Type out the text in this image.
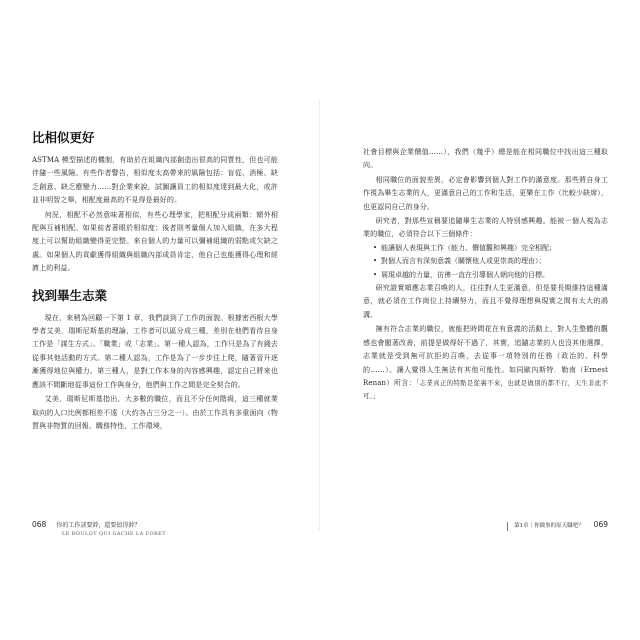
比相似更好

ASTMA 模型描述的機制，有助於在組織內部創造出很高的同質性，但也可能伴隨一些風險。有些作者警告，相似度太高帶來的風險包括：盲從、消極、缺乏創意、缺乏應變力……對企業來說，試圖讓員工的相似度達到最大化，或許並非明智之舉，相配度最高的不見得是最好的。

何況，相配不必然意味著相似，有些心理學家，把相配分成兩類：額外相配與互補相配。如果前者著眼於相似度；後者則考量個人加入組織，在多大程度上可以幫助組織變得更完整。來自個人的力量可以彌補組織的弱點或欠缺之處。如果個人的貢獻獲得組織與組織內部成員肯定，他自己也能獲得心理和經濟上的利益。

找到畢生志業

現在，來稍為回顧一下第 1 章，我們談到了工作的面貌。根據密西根大學學者艾美．瑞斯尼斯基的理論，工作者可以區分成三種，差別在他們看待自身工作是「謀生方式」、「職業」或「志業」。第一種人認為，工作只是為了有錢去從事其他活動的方式。第二種人認為，工作是為了一步步往上爬，隨著晉升逐漸獲得地位與權力。第三種人，是對工作本身的內容感興趣，認定自己將來也應該不間斷地從事這份工作與身分，他們與工作之間是完全契合的。

艾美．瑞斯尼斯基指出，大多數的職位，而且不分任何階級，這三種就業取向的人口比例都相差不遠（大約各占三分之一）。由於工作具有多重面向（物質與非物質的回報、職務特性、工作環境，

068 你的工作該要幹，還要值得幹？
LE BOULOT QUI GACHE LA FORET

社會目標與企業價值……），我們（幾乎）總是能在相同職位中找出這三種取向。

相同職位的面貌差異，必定會影響到個人對工作的滿意度。那些將自身工作視為畢生志業的人，更滿意自己的工作和生活，更樂在工作（比較少缺席），也更認同自己的身分。

研究者，對那些宣稱要追隨畢生志業的人特別感興趣。能被一個人視為志業的職位，必須符合以下三個條件：

• 能讓個人表現與工作（能力、價值觀和興趣）完全相配；
• 對個人而言有深刻意義（關懷他人或更崇高的理由）；
• 展現卓越的力量，彷彿一直在引導個人朝向他的目標。

研究證實順應志業召喚的人，往往對人生更滿意，但是要長期維持這種滿意，就必須在工作崗位上持續努力，而且不覺得理想與現實之間有太大的鴻溝。

擁有符合志業的職位，就能把時間花在有意義的活動上，對人生整體的觀感也會顯著改善，前提是做得好不過了，其實，追隨志業的人也沒其他選擇，志業就是受到無可抗拒的召喚，去從事一項特別的任務（政治的、科學的……）。讓人覺得人生無法有其他可能性。如同歐內斯特．勒南（Ernest Renan）所言：「志業真正的特點是從裏不來，也就是做別的都不行，天生非此不可。」

第1章｜你做事的原天職吧？ 069
